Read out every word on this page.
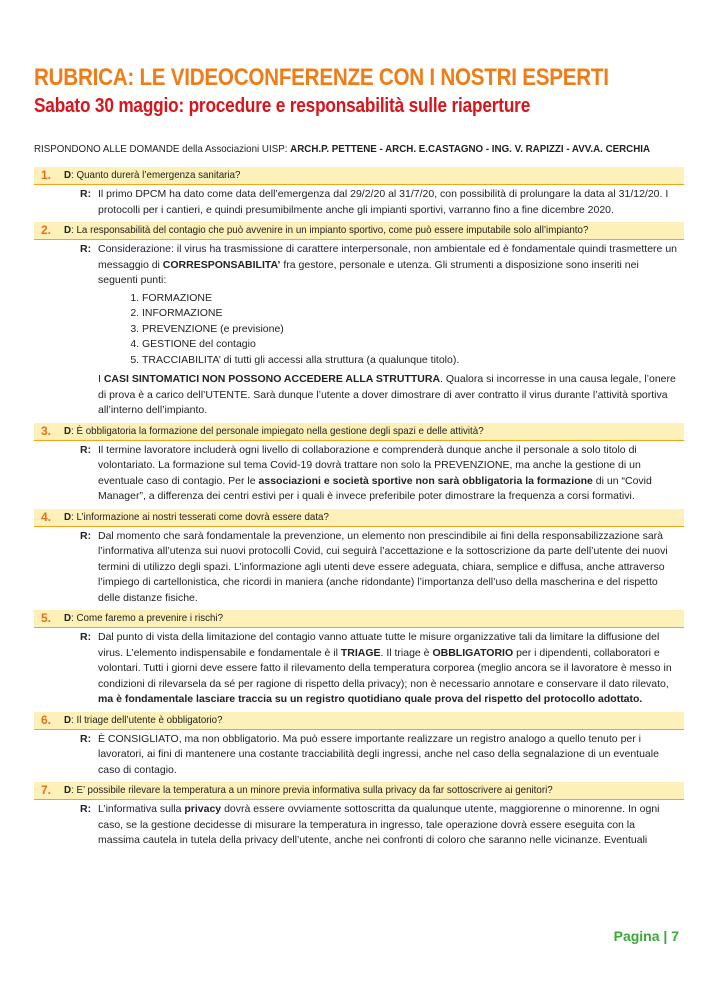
RUBRICA: LE VIDEOCONFERENZE CON I NOSTRI ESPERTI
Sabato 30 maggio: procedure e responsabilità sulle riaperture
RISPONDONO ALLE DOMANDE della Associazioni UISP: ARCH.P. PETTENE - ARCH. E.CASTAGNO - ING. V. RAPIZZI - AVV.A. CERCHIA
1. D: Quanto durerà l’emergenza sanitaria?
R: Il primo DPCM ha dato come data dell’emergenza dal 29/2/20 al 31/7/20, con possibilità di prolungare la data al 31/12/20. I protocolli per i cantieri, e quindi presumibilmente anche gli impianti sportivi, varranno fino a fine dicembre 2020.

2. D: La responsabilità del contagio che può avvenire in un impianto sportivo, come può essere imputabile solo all’impianto?
R: Considerazione: il virus ha trasmissione di carattere interpersonale, non ambientale ed è fondamentale quindi trasmettere un messaggio di CORRESPONSABILITA’ fra gestore, personale e utenza. Gli strumenti a disposizione sono inseriti nei seguenti punti:

1. FORMAZIONE
2. INFORMAZIONE
3. PREVENZIONE (e previsione)
4. GESTIONE del contagio
5. TRACCIABILITA’ di tutti gli accessi alla struttura (a qualunque titolo).

I CASI SINTOMATICI NON POSSONO ACCEDERE ALLA STRUTTURA. Qualora si incorresse in una causa legale, l’onere di prova è a carico dell’UTENTE. Sarà dunque l’utente a dover dimostrare di aver contratto il virus durante l’attività sportiva all’interno dell’impianto.

3. D: È obbligatoria la formazione del personale impiegato nella gestione degli spazi e delle attività?
R: Il termine lavoratore includerà ogni livello di collaborazione e comprenderà dunque anche il personale a solo titolo di volontariato. La formazione sul tema Covid-19 dovrà trattare non solo la PREVENZIONE, ma anche la gestione di un eventuale caso di contagio. Per le associazioni e società sportive non sarà obbligatoria la formazione di un “Covid Manager”, a differenza dei centri estivi per i quali è invece preferibile poter dimostrare la frequenza a corsi formativi.

4. D: L’informazione ai nostri tesserati come dovrà essere data?
R: Dal momento che sarà fondamentale la prevenzione, un elemento non prescindibile ai fini della responsabilizzazione sarà l’informativa all’utenza sui nuovi protocolli Covid, cui seguirà l’accettazione e la sottoscrizione da parte dell’utente dei nuovi termini di utilizzo degli spazi. L’informazione agli utenti deve essere adeguata, chiara, semplice e diffusa, anche attraverso l’impiego di cartellonistica, che ricordi in maniera (anche ridondante) l’importanza dell’uso della mascherina e del rispetto delle distanze fisiche.

5. D: Come faremo a prevenire i rischi?
R: Dal punto di vista della limitazione del contagio vanno attuate tutte le misure organizzative tali da limitare la diffusione del virus. L’elemento indispensabile e fondamentale è il TRIAGE. Il triage è OBBLIGATORIO per i dipendenti, collaboratori e volontari. Tutti i giorni deve essere fatto il rilevamento della temperatura corporea (meglio ancora se il lavoratore è messo in condizioni di rilevarsela da sé per ragione di rispetto della privacy); non è necessario annotare e conservare il dato rilevato, ma è fondamentale lasciare traccia su un registro quotidiano quale prova del rispetto del protocollo adottato.

6. D: Il triage dell’utente è obbligatorio?
R: È CONSIGLIATO, ma non obbligatorio. Ma può essere importante realizzare un registro analogo a quello tenuto per i lavoratori, ai fini di mantenere una costante tracciabilità degli ingressi, anche nel caso della segnalazione di un eventuale caso di contagio.

7. D: E’ possibile rilevare la temperatura a un minore previa informativa sulla privacy da far sottoscrivere ai genitori?
R: L’informativa sulla privacy dovrà essere ovviamente sottoscritta da qualunque utente, maggiorenne o minorenne. In ogni caso, se la gestione decidesse di misurare la temperatura in ingresso, tale operazione dovrà essere eseguita con la massima cautela in tutela della privacy dell’utente, anche nei confronti di coloro che saranno nelle vicinanze. Eventuali

Pagina | 7
